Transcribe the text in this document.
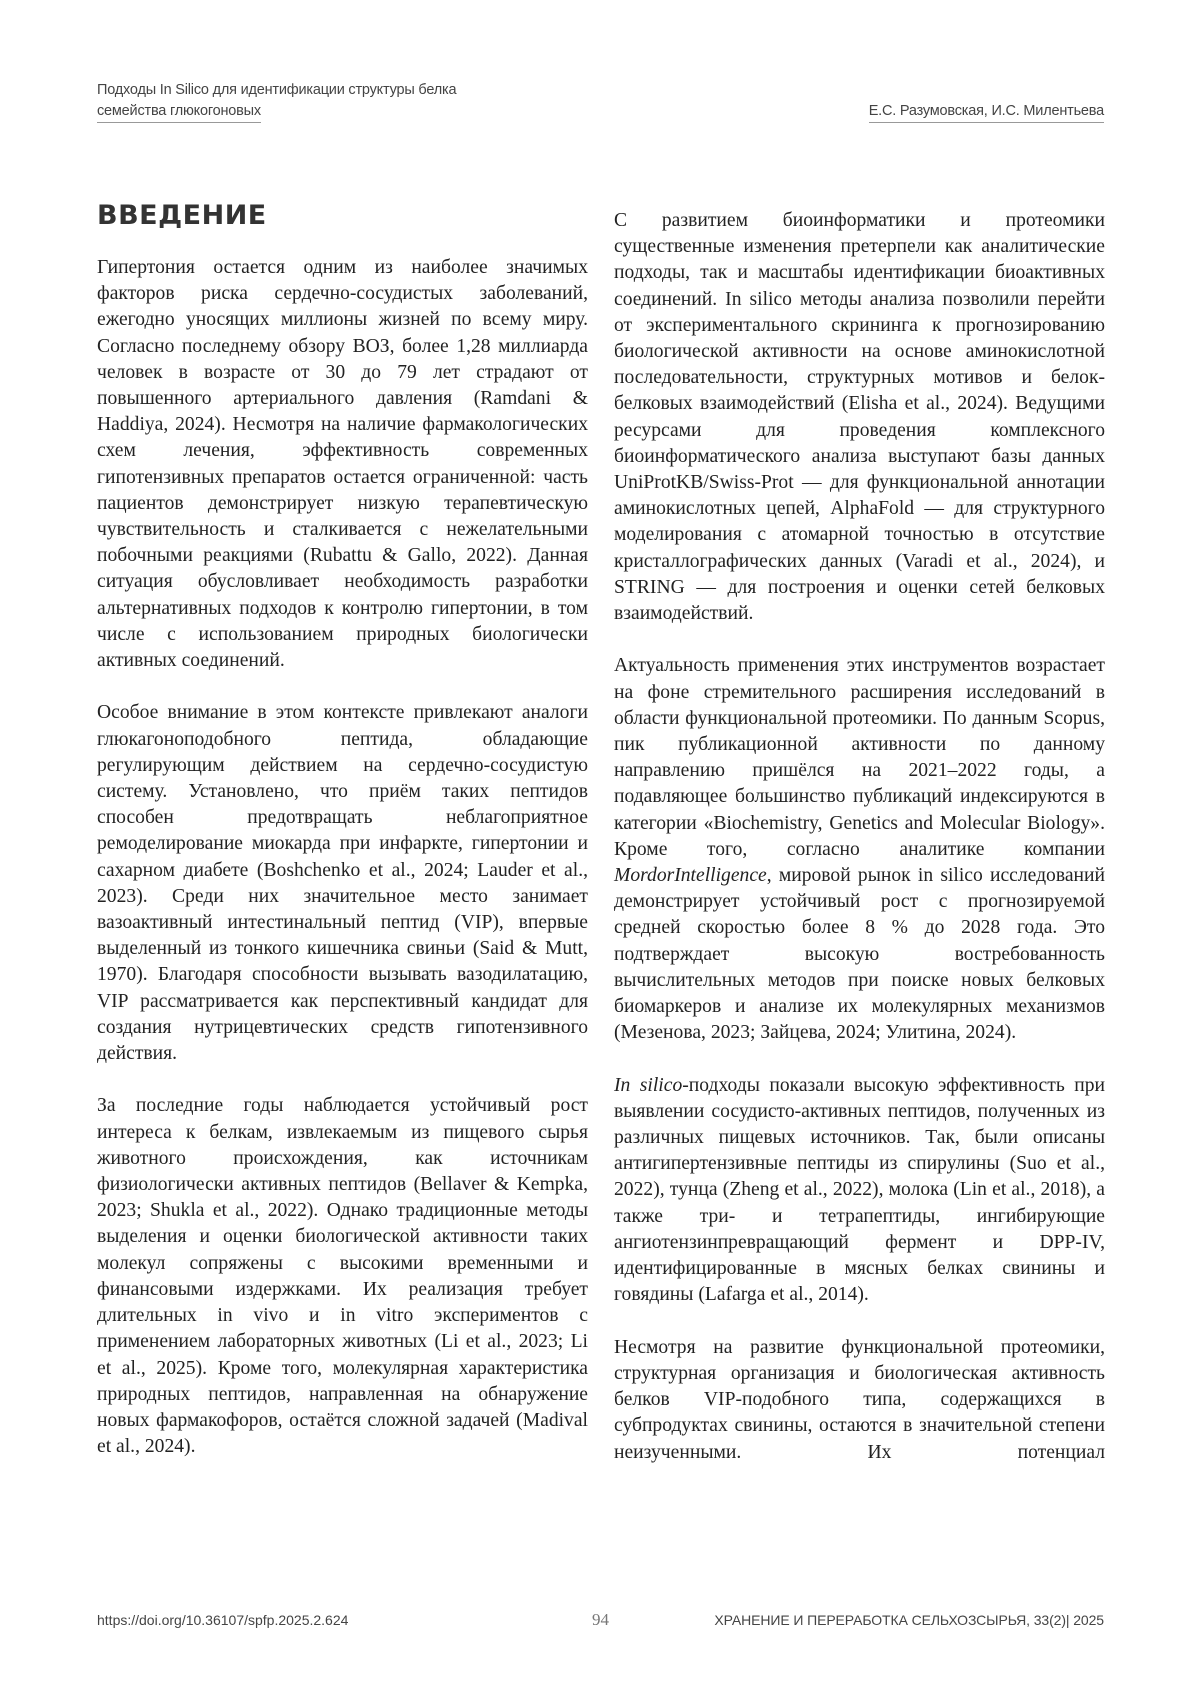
Подходы In Silico для идентификации структуры белка
семейства глюкогоновых	Е.С. Разумовская, И.С. Милентьева
ВВЕДЕНИЕ

Гипертония остается одним из наиболее значимых факторов риска сердечно-сосудистых заболеваний, ежегодно уносящих миллионы жизней по всему миру. Согласно последнему обзору ВОЗ, более 1,28 миллиарда человек в возрасте от 30 до 79 лет страдают от повышенного артериального давления (Ramdani & Haddiya, 2024). Несмотря на наличие фармакологических схем лечения, эффективность современных гипотензивных препаратов остается ограниченной: часть пациентов демонстрирует низкую терапевтическую чувствительность и сталкивается с нежелательными побочными реакциями (Rubattu & Gallo, 2022). Данная ситуация обусловливает необходимость разработки альтернативных подходов к контролю гипертонии, в том числе с использованием природных биологически активных соединений.

Особое внимание в этом контексте привлекают аналоги глюкагоноподобного пептида, обладающие регулирующим действием на сердечно-сосудистую систему. Установлено, что приём таких пептидов способен предотвращать неблагоприятное ремоделирование миокарда при инфаркте, гипертонии и сахарном диабете (Boshchenko et al., 2024; Lauder et al., 2023). Среди них значительное место занимает вазоактивный интестинальный пептид (VIP), впервые выделенный из тонкого кишечника свиньи (Said & Mutt, 1970). Благодаря способности вызывать вазодилатацию, VIP рассматривается как перспективный кандидат для создания нутрицевтических средств гипотензивного действия.

За последние годы наблюдается устойчивый рост интереса к белкам, извлекаемым из пищевого сырья животного происхождения, как источникам физиологически активных пептидов (Bellaver & Kempka, 2023; Shukla et al., 2022). Однако традиционные методы выделения и оценки биологической активности таких молекул сопряжены с высокими временными и финансовыми издержками. Их реализация требует длительных in vivo и in vitro экспериментов с применением лабораторных животных (Li et al., 2023; Li et al., 2025). Кроме того, молекулярная характеристика природных пептидов, направленная на обнаружение новых фармакофоров, остаётся сложной задачей (Madival et al., 2024).

С развитием биоинформатики и протеомики существенные изменения претерпели как аналитические подходы, так и масштабы идентификации биоактивных соединений. In silico методы анализа позволили перейти от экспериментального скрининга к прогнозированию биологической активности на основе аминокислотной последовательности, структурных мотивов и белок-белковых взаимодействий (Elisha et al., 2024). Ведущими ресурсами для проведения комплексного биоинформатического анализа выступают базы данных UniProtKB/Swiss-Prot — для функциональной аннотации аминокислотных цепей, AlphaFold — для структурного моделирования с атомарной точностью в отсутствие кристаллографических данных (Varadi et al., 2024), и STRING — для построения и оценки сетей белковых взаимодействий.

Актуальность применения этих инструментов возрастает на фоне стремительного расширения исследований в области функциональной протеомики. По данным Scopus, пик публикационной активности по данному направлению пришёлся на 2021–2022 годы, а подавляющее большинство публикаций индексируются в категории «Biochemistry, Genetics and Molecular Biology». Кроме того, согласно аналитике компании MordorIntelligence, мировой рынок in silico исследований демонстрирует устойчивый рост с прогнозируемой средней скоростью более 8 % до 2028 года. Это подтверждает высокую востребованность вычислительных методов при поиске новых белковых биомаркеров и анализе их молекулярных механизмов (Мезенова, 2023; Зайцева, 2024; Улитина, 2024).

In silico-подходы показали высокую эффективность при выявлении сосудисто-активных пептидов, полученных из различных пищевых источников. Так, были описаны антигипертензивные пептиды из спирулины (Suo et al., 2022), тунца (Zheng et al., 2022), молока (Lin et al., 2018), а также три- и тетрапептиды, ингибирующие ангиотензинпревращающий фермент и DPP-IV, идентифицированные в мясных белках свинины и говядины (Lafarga et al., 2014).

Несмотря на развитие функциональной протеомики, структурная организация и биологическая активность белков VIP-подобного типа, содержащихся в субпродуктах свинины, остаются в значительной степени неизученными. Их потенциал

https://doi.org/10.36107/spfp.2025.2.624	94	ХРАНЕНИЕ И ПЕРЕРАБОТКА СЕЛЬХОЗСЫРЬЯ, 33(2)| 2025
